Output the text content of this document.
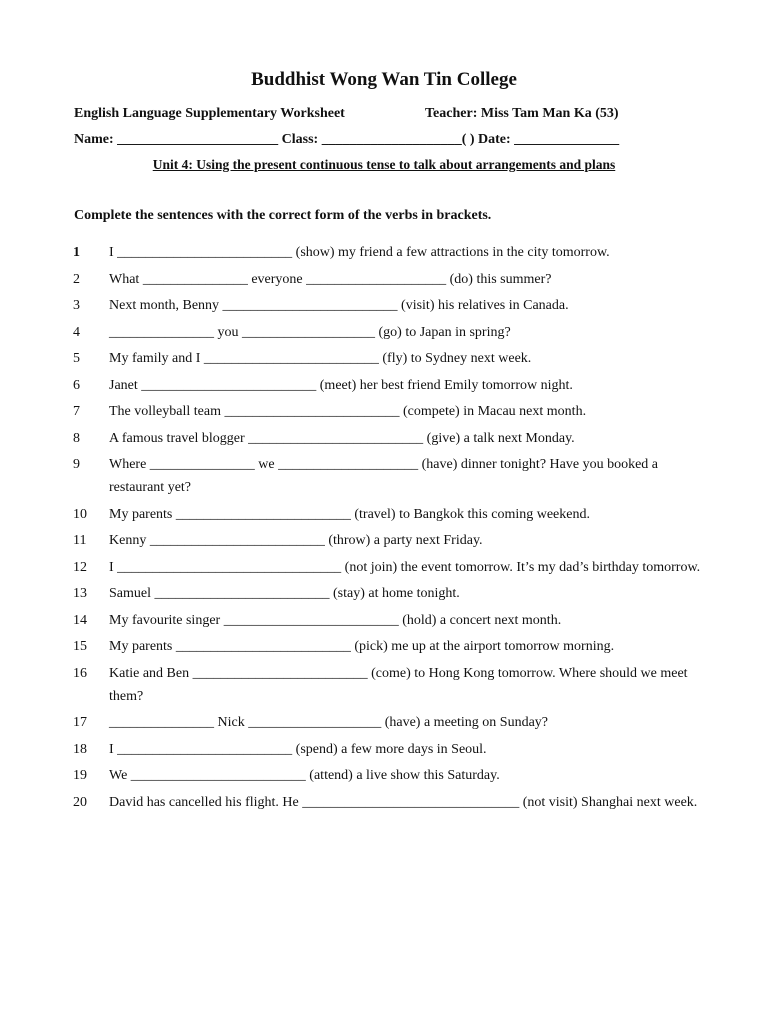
Buddhist Wong Wan Tin College
English Language Supplementary Worksheet	Teacher: Miss Tam Man Ka (53)
Name: _______________________ Class: ____________________( ) Date: _______________
Unit 4: Using the present continuous tense to talk about arrangements and plans
Complete the sentences with the correct form of the verbs in brackets.
1 I _________________________ (show) my friend a few attractions in the city tomorrow.
2 What _______________ everyone ____________________ (do) this summer?
3 Next month, Benny _________________________ (visit) his relatives in Canada.
4 _______________ you ___________________ (go) to Japan in spring?
5 My family and I _________________________ (fly) to Sydney next week.
6 Janet _________________________ (meet) her best friend Emily tomorrow night.
7 The volleyball team _________________________ (compete) in Macau next month.
8 A famous travel blogger _________________________ (give) a talk next Monday.
9 Where _______________ we ____________________ (have) dinner tonight? Have you booked a restaurant yet?
10 My parents _________________________ (travel) to Bangkok this coming weekend.
11 Kenny _________________________ (throw) a party next Friday.
12 I ________________________________ (not join) the event tomorrow. It’s my dad’s birthday tomorrow.
13 Samuel _________________________ (stay) at home tonight.
14 My favourite singer _________________________ (hold) a concert next month.
15 My parents _________________________ (pick) me up at the airport tomorrow morning.
16 Katie and Ben _________________________ (come) to Hong Kong tomorrow. Where should we meet them?
17 _______________ Nick ___________________ (have) a meeting on Sunday?
18 I _________________________ (spend) a few more days in Seoul.
19 We _________________________ (attend) a live show this Saturday.
20 David has cancelled his flight. He _______________________________ (not visit) Shanghai next week.
